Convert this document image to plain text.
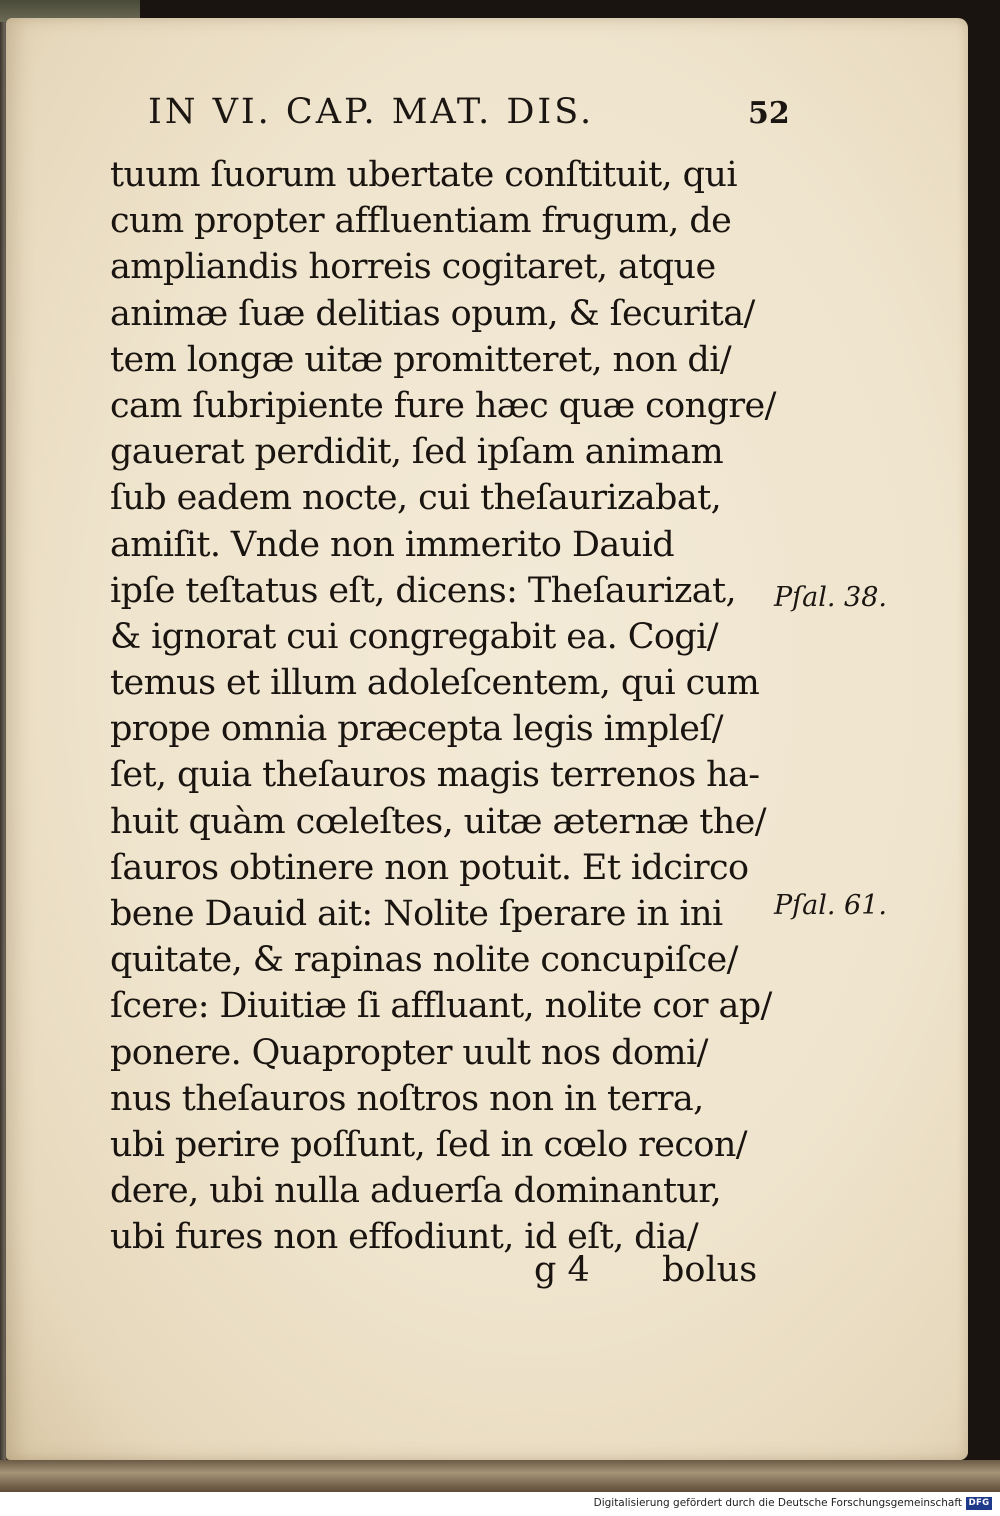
IN VI. CAP. MAT. DIS.	52
tuum ſuorum ubertate conſtituit, qui
cum propter affluentiam frugum, de
ampliandis horreis cogitaret, atque
animæ ſuæ delitias opum, & ſecurita/
tem longæ uitæ promitteret, non di/
cam ſubripiente fure hæc quæ congre/
gauerat perdidit, ſed ipſam animam
ſub eadem nocte, cui theſaurizabat,
amiſit. Vnde non immerito Dauid
ipſe teſtatus eſt, dicens: Theſaurizat,
& ignorat cui congregabit ea. Cogi/
temus et illum adoleſcentem, qui cum
prope omnia præcepta legis impleſ/
ſet, quia theſauros magis terrenos ha-
huit quàm cœleſtes, uitæ æternæ the/
ſauros obtinere non potuit. Et idcirco
bene Dauid ait: Nolite ſperare in ini
quitate, & rapinas nolite concupiſce/
ſcere: Diuitiæ ſi affluant, nolite cor ap/
ponere. Quapropter uult nos domi/
nus theſauros noſtros non in terra,
ubi perire poſſunt, ſed in cœlo recon/
dere, ubi nulla aduerſa dominantur,
ubi fures non effodiunt, id eſt, dia/
Pſal. 38.
Pſal. 61.
g 4 bolus
Digitalisierung gefördert durch die Deutsche Forschungsgemeinschaft DFG
